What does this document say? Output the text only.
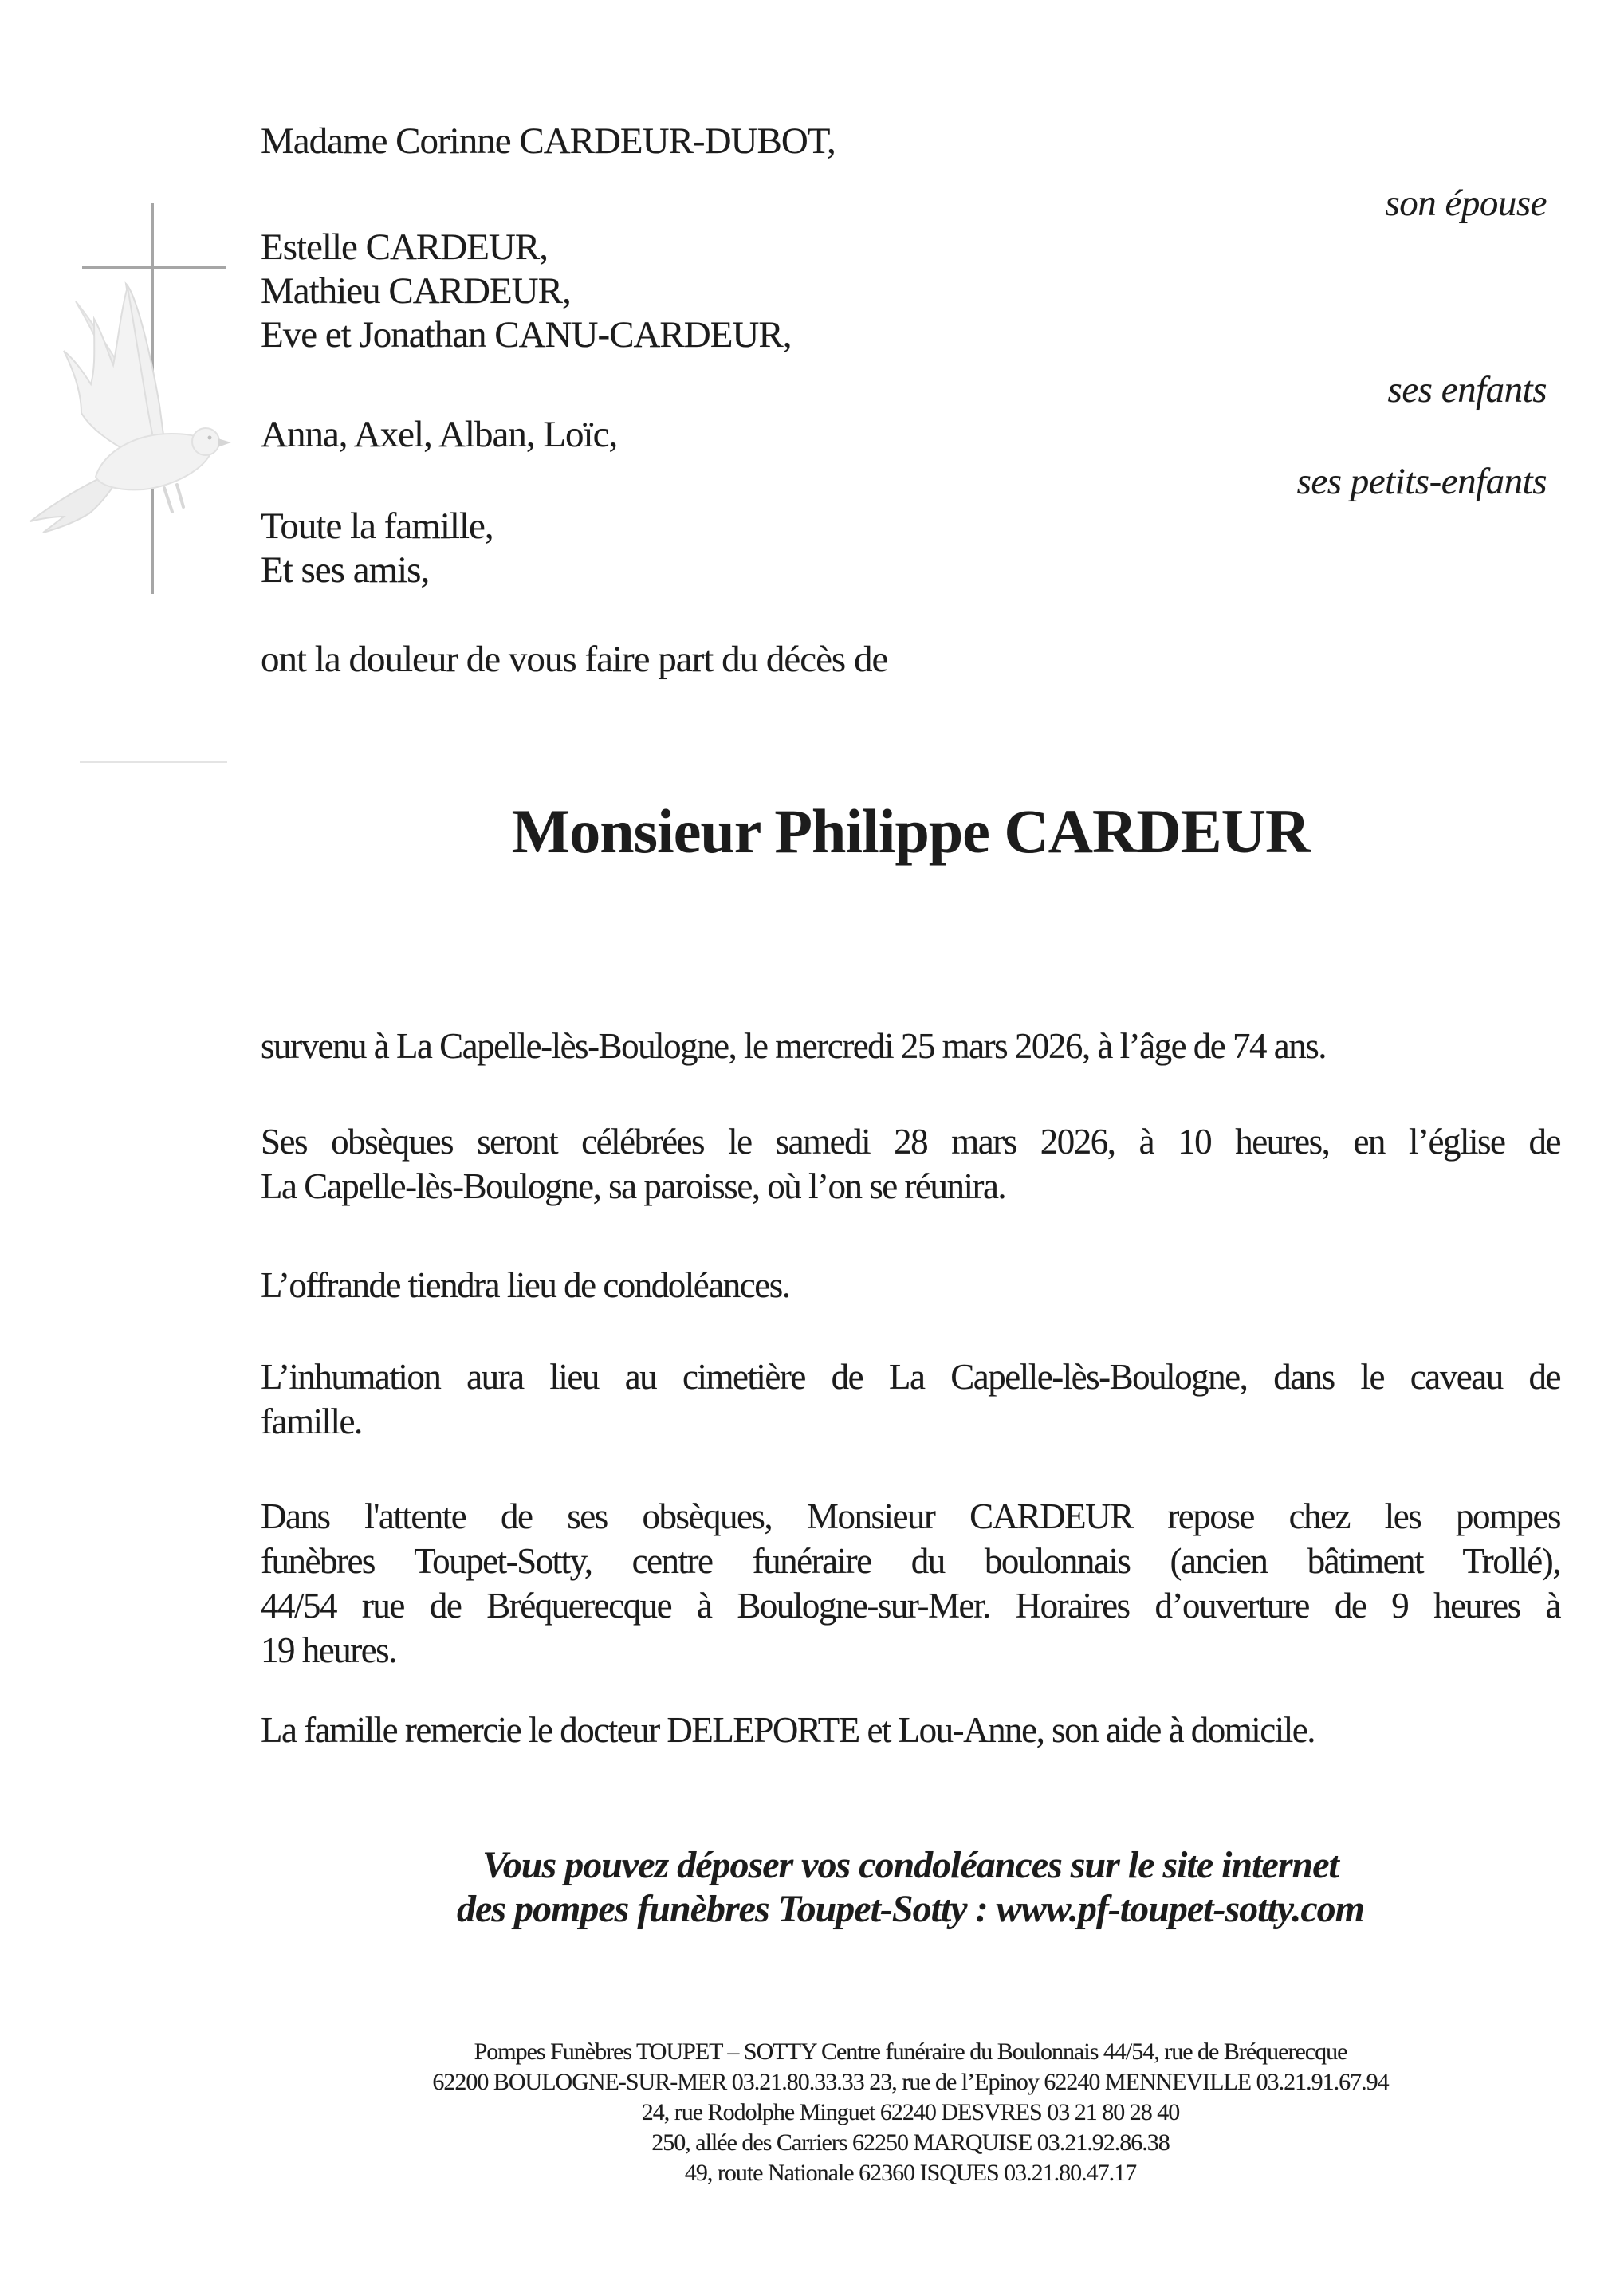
Madame Corinne CARDEUR-DUBOT,
son épouse
Estelle CARDEUR,
Mathieu CARDEUR,
Eve et Jonathan CANU-CARDEUR,
ses enfants
Anna, Axel, Alban, Loïc,
ses petits-enfants
Toute la famille,
Et ses amis,
ont la douleur de vous faire part du décès de
Monsieur Philippe CARDEUR
survenu à La Capelle-lès-Boulogne, le mercredi 25 mars 2026, à l’âge de 74 ans.
Ses obsèques seront célébrées le samedi 28 mars 2026, à 10 heures, en l’église de
La Capelle-lès-Boulogne, sa paroisse, où l’on se réunira.
L’offrande tiendra lieu de condoléances.
L’inhumation aura lieu au cimetière de La Capelle-lès-Boulogne, dans le caveau de
famille.
Dans l'attente de ses obsèques, Monsieur CARDEUR repose chez les pompes
funèbres Toupet-Sotty, centre funéraire du boulonnais (ancien bâtiment Trollé),
44/54 rue de Bréquerecque à Boulogne-sur-Mer. Horaires d’ouverture de 9 heures à
19 heures.
La famille remercie le docteur DELEPORTE et Lou-Anne, son aide à domicile.
Vous pouvez déposer vos condoléances sur le site internet
des pompes funèbres Toupet-Sotty : www.pf-toupet-sotty.com
Pompes Funèbres TOUPET – SOTTY Centre funéraire du Boulonnais 44/54, rue de Bréquerecque
62200 BOULOGNE-SUR-MER 03.21.80.33.33 23, rue de l’Epinoy 62240 MENNEVILLE 03.21.91.67.94
24, rue Rodolphe Minguet 62240 DESVRES 03 21 80 28 40
250, allée des Carriers 62250 MARQUISE 03.21.92.86.38
49, route Nationale 62360 ISQUES 03.21.80.47.17
